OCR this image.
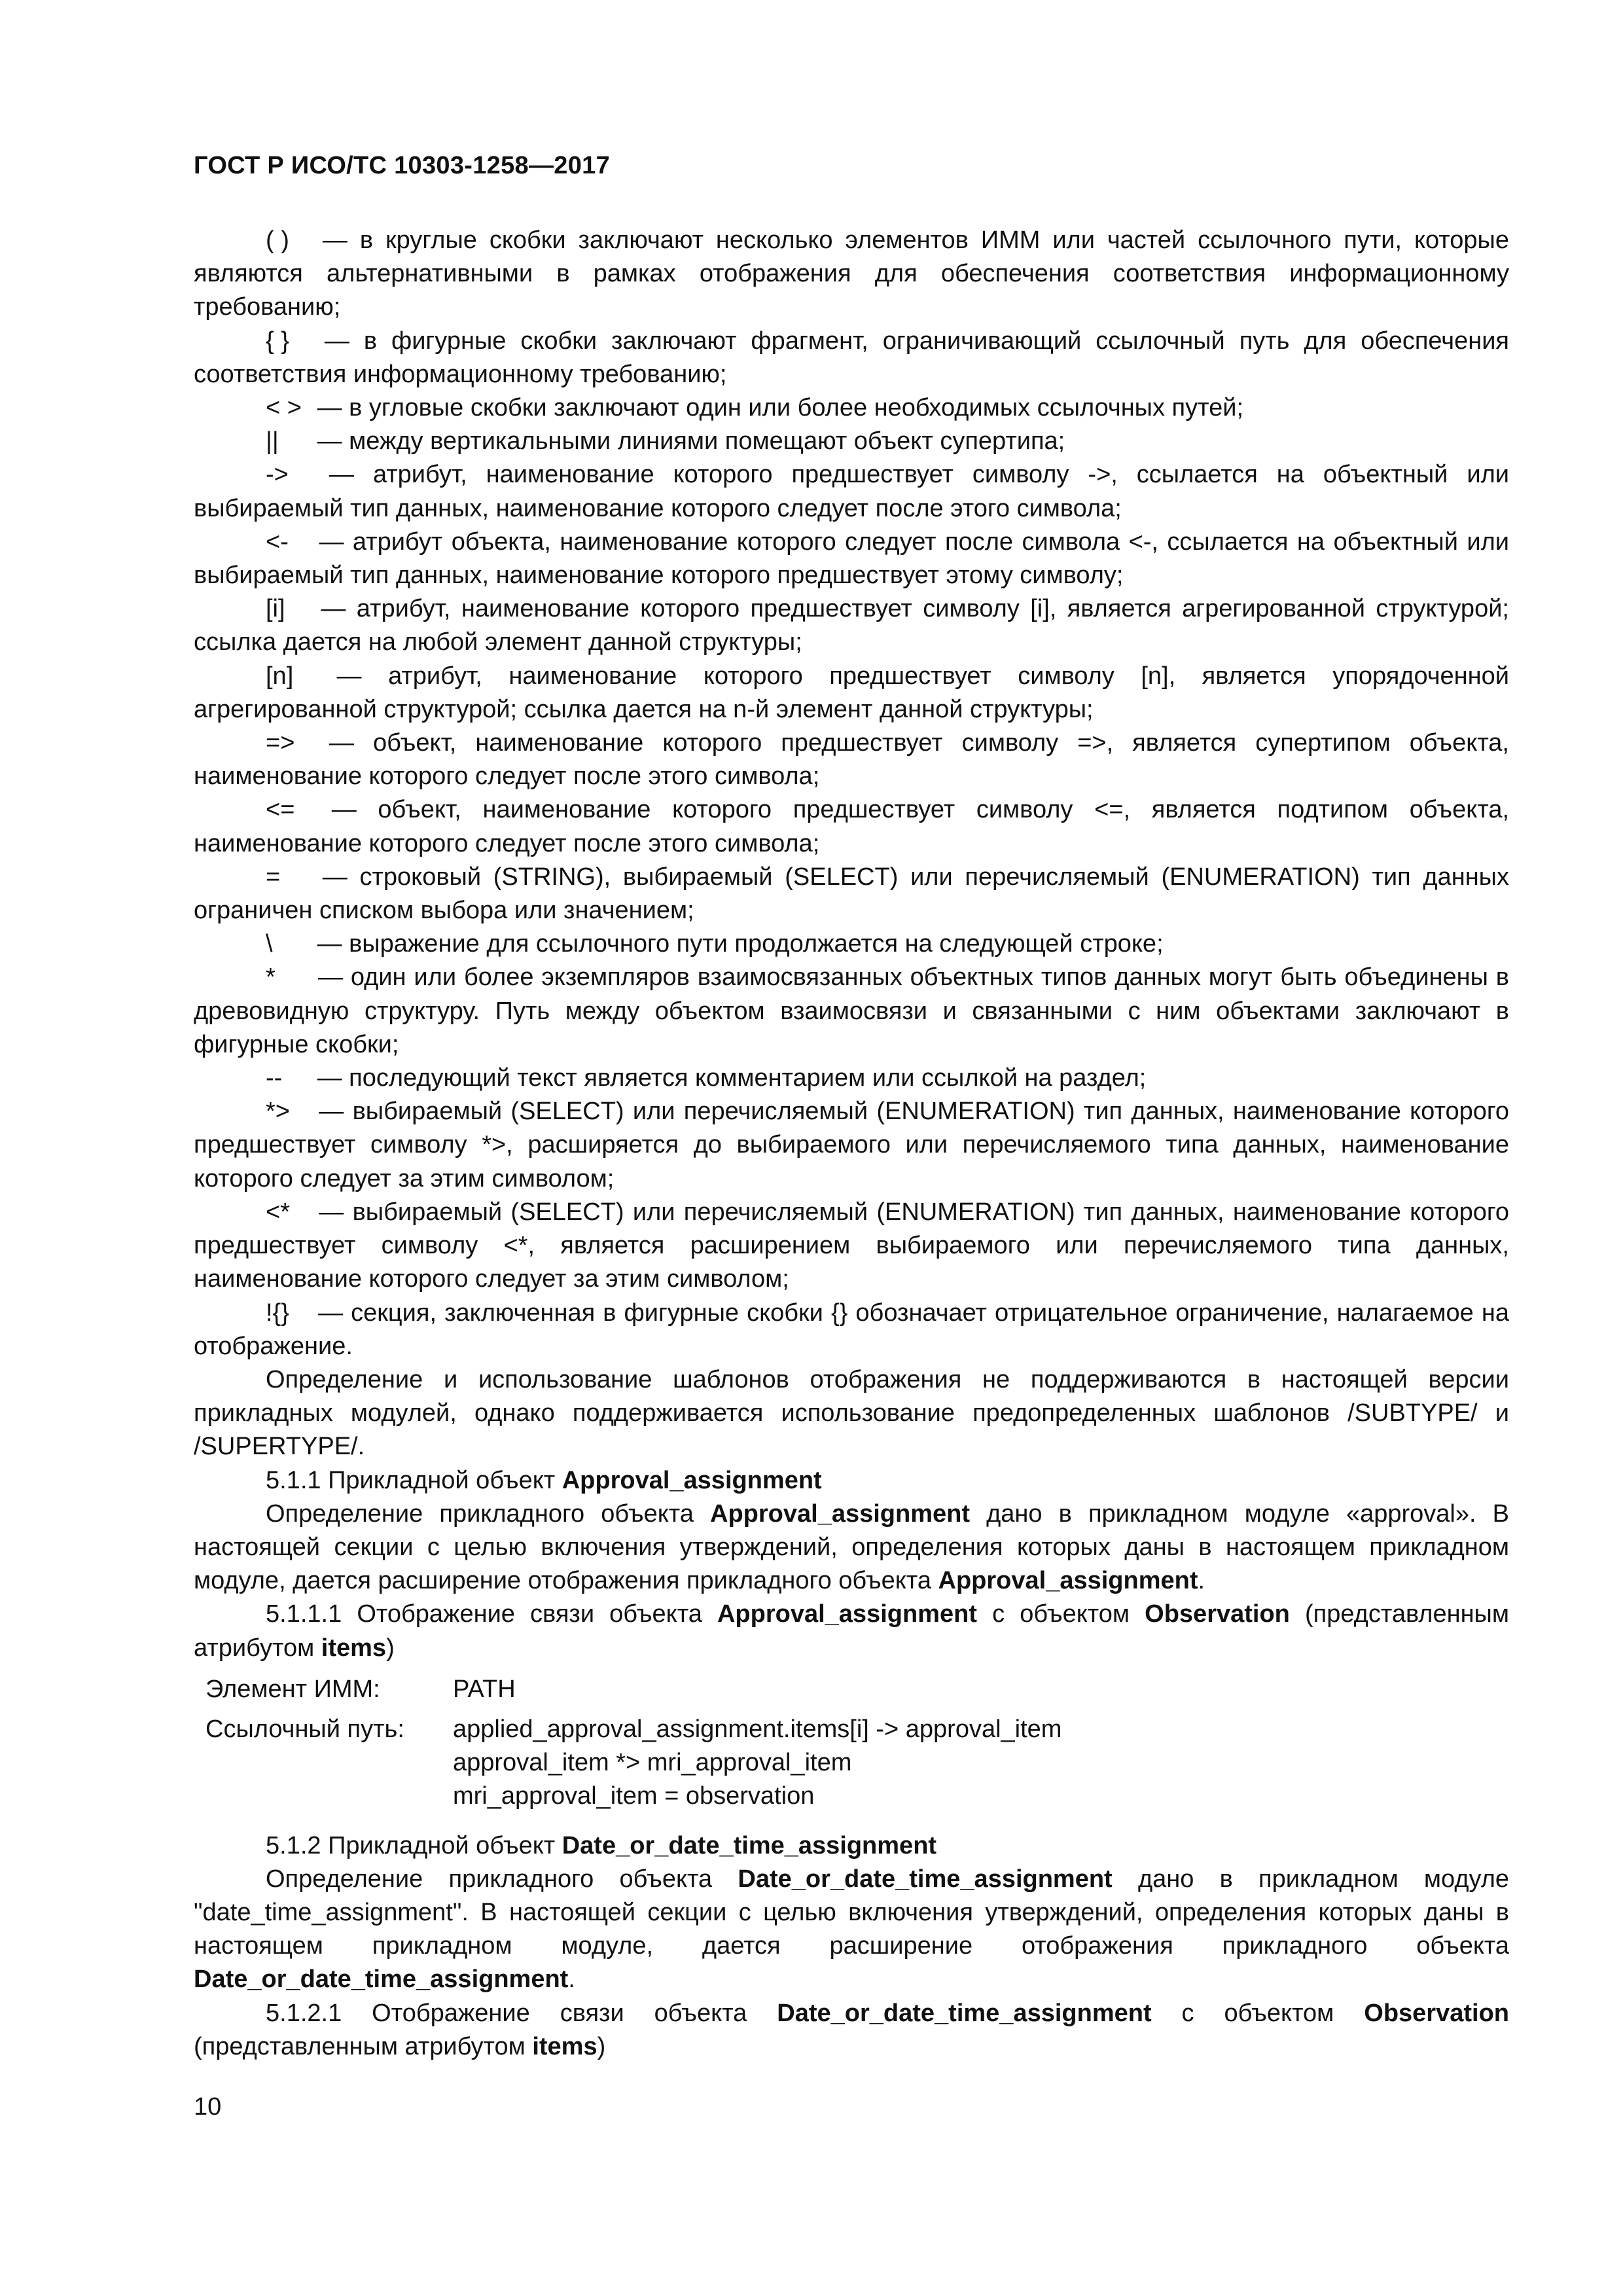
ГОСТ Р ИСО/ТС 10303-1258—2017

( ) — в круглые скобки заключают несколько элементов ИММ или частей ссылочного пути, которые являются альтернативными в рамках отображения для обеспечения соответствия информационному требованию;

{ } — в фигурные скобки заключают фрагмент, ограничивающий ссылочный путь для обеспечения соответствия информационному требованию;

< > — в угловые скобки заключают один или более необходимых ссылочных путей;

|| — между вертикальными линиями помещают объект супертипа;

-> — атрибут, наименование которого предшествует символу ->, ссылается на объектный или выбираемый тип данных, наименование которого следует после этого символа;

<- — атрибут объекта, наименование которого следует после символа <-, ссылается на объектный или выбираемый тип данных, наименование которого предшествует этому символу;

[i] — атрибут, наименование которого предшествует символу [i], является агрегированной структурой; ссылка дается на любой элемент данной структуры;

[n] — атрибут, наименование которого предшествует символу [n], является упорядоченной агрегированной структурой; ссылка дается на n-й элемент данной структуры;

=> — объект, наименование которого предшествует символу =>, является супертипом объекта, наименование которого следует после этого символа;

<= — объект, наименование которого предшествует символу <=, является подтипом объекта, наименование которого следует после этого символа;

= — строковый (STRING), выбираемый (SELECT) или перечисляемый (ENUMERATION) тип данных ограничен списком выбора или значением;

\ — выражение для ссылочного пути продолжается на следующей строке;

* — один или более экземпляров взаимосвязанных объектных типов данных могут быть объединены в древовидную структуру. Путь между объектом взаимосвязи и связанными с ним объектами заключают в фигурные скобки;

-- — последующий текст является комментарием или ссылкой на раздел;

*> — выбираемый (SELECT) или перечисляемый (ENUMERATION) тип данных, наименование которого предшествует символу *>, расширяется до выбираемого или перечисляемого типа данных, наименование которого следует за этим символом;

<* — выбираемый (SELECT) или перечисляемый (ENUMERATION) тип данных, наименование которого предшествует символу <*, является расширением выбираемого или перечисляемого типа данных, наименование которого следует за этим символом;

!{} — секция, заключенная в фигурные скобки {} обозначает отрицательное ограничение, налагаемое на отображение.

Определение и использование шаблонов отображения не поддерживаются в настоящей версии прикладных модулей, однако поддерживается использование предопределенных шаблонов /SUBTYPE/ и /SUPERTYPE/.

5.1.1 Прикладной объект Approval_assignment

Определение прикладного объекта Approval_assignment дано в прикладном модуле «approval». В настоящей секции с целью включения утверждений, определения которых даны в настоящем прикладном модуле, дается расширение отображения прикладного объекта Approval_assignment.

5.1.1.1 Отображение связи объекта Approval_assignment с объектом Observation (представленным атрибутом items)

Элемент ИММ:	PATH
Ссылочный путь:	applied_approval_assignment.items[i] -> approval_item
approval_item *> mri_approval_item
mri_approval_item = observation

5.1.2 Прикладной объект Date_or_date_time_assignment

Определение прикладного объекта Date_or_date_time_assignment дано в прикладном модуле "date_time_assignment". В настоящей секции с целью включения утверждений, определения которых даны в настоящем прикладном модуле, дается расширение отображения прикладного объекта Date_or_date_time_assignment.

5.1.2.1 Отображение связи объекта Date_or_date_time_assignment с объектом Observation (представленным атрибутом items)

10
